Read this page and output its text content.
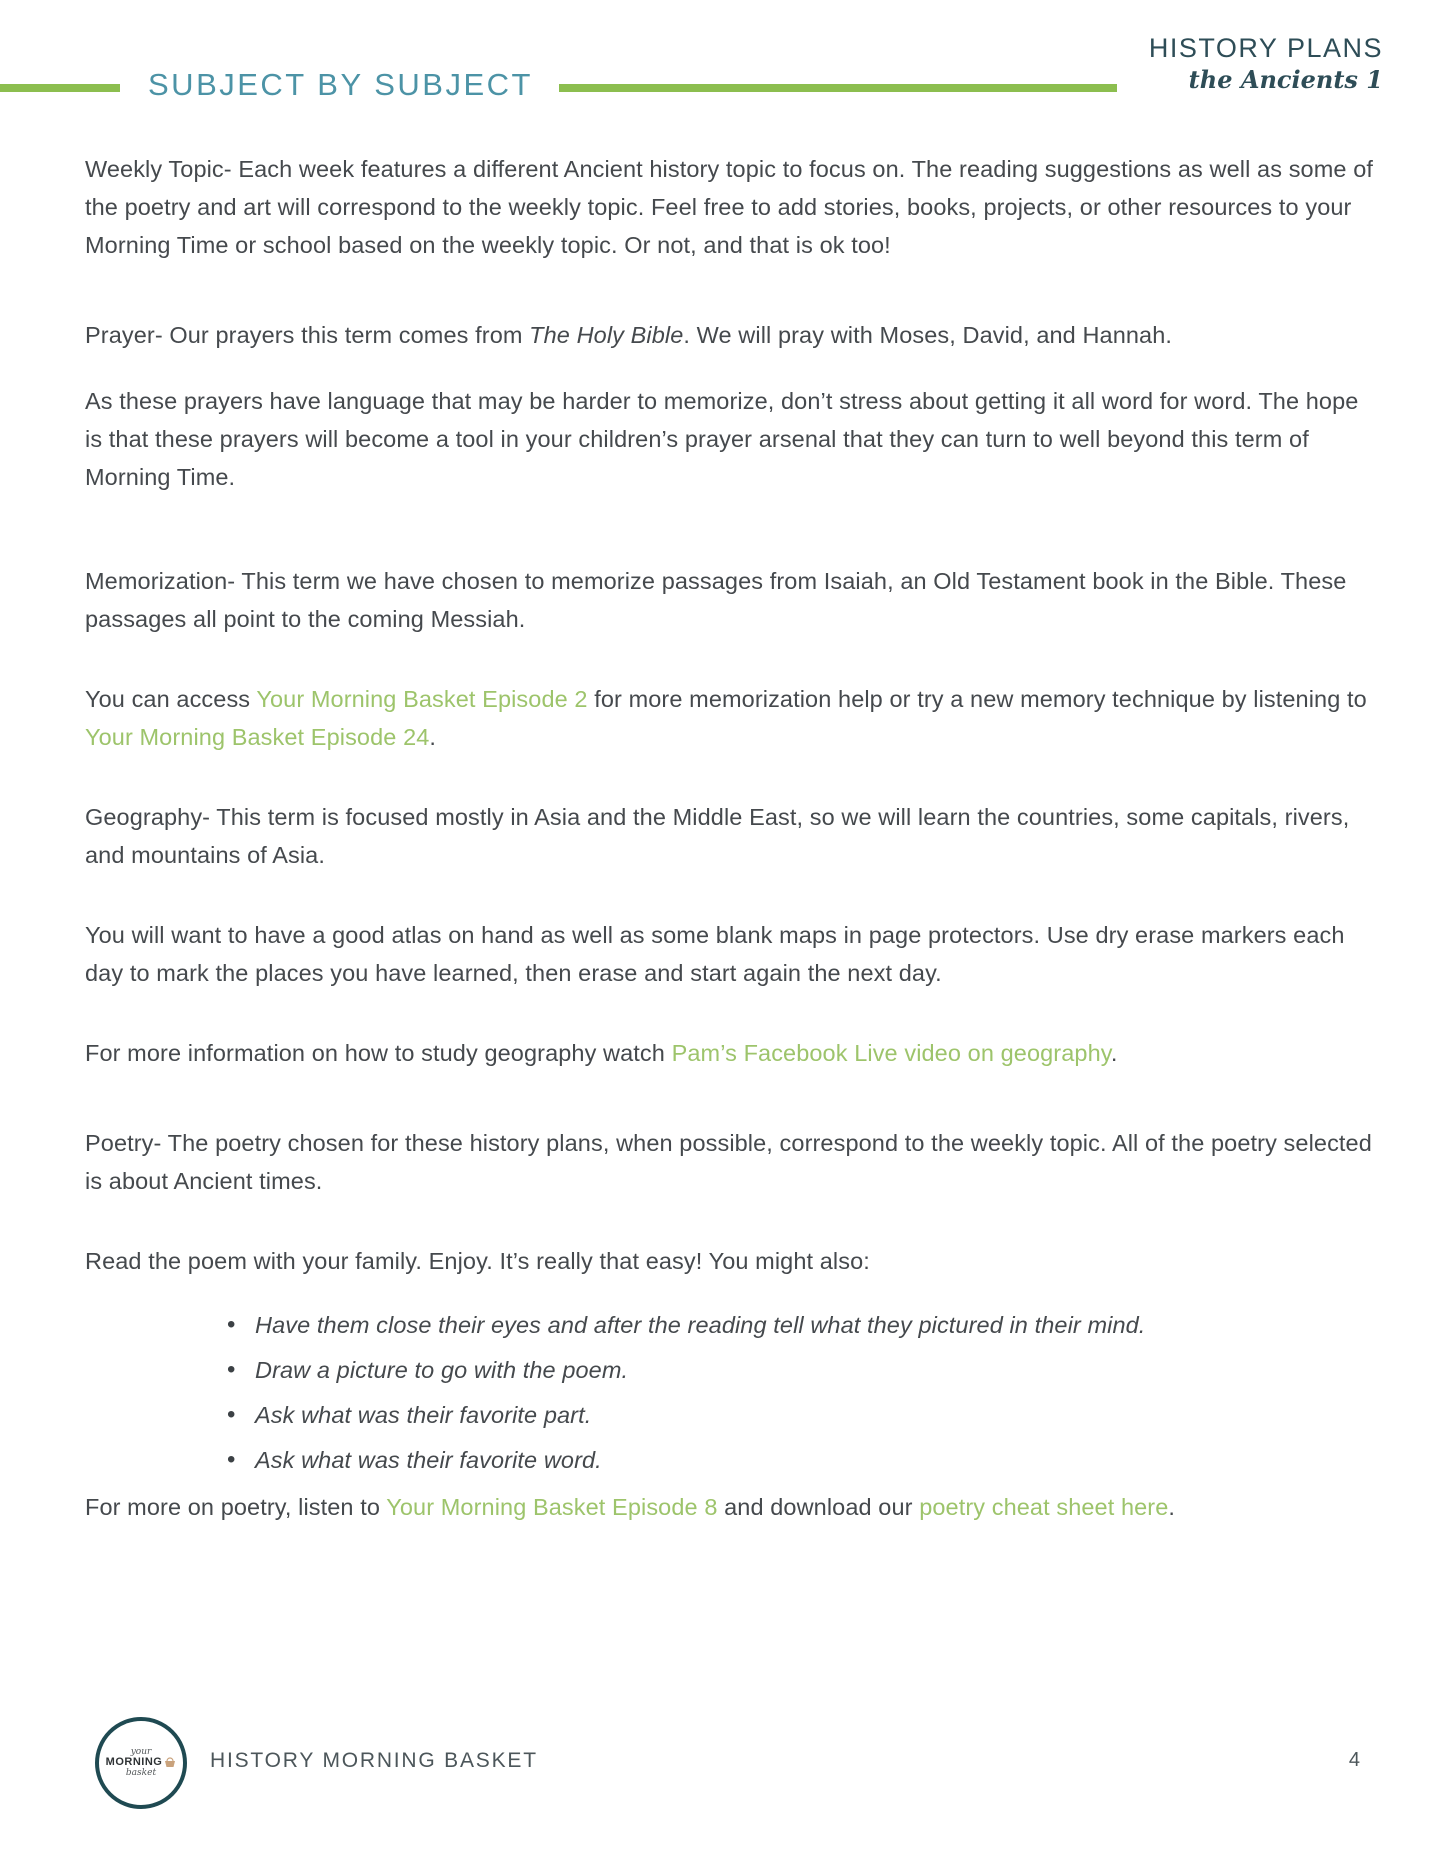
SUBJECT BY SUBJECT
HISTORY PLANS
the Ancients 1

Weekly Topic- Each week features a different Ancient history topic to focus on. The reading suggestions as well as some of the poetry and art will correspond to the weekly topic. Feel free to add stories, books, projects, or other resources to your Morning Time or school based on the weekly topic. Or not, and that is ok too!

Prayer- Our prayers this term comes from The Holy Bible. We will pray with Moses, David, and Hannah.

As these prayers have language that may be harder to memorize, don’t stress about getting it all word for word. The hope is that these prayers will become a tool in your children’s prayer arsenal that they can turn to well beyond this term of Morning Time.

Memorization- This term we have chosen to memorize passages from Isaiah, an Old Testament book in the Bible. These passages all point to the coming Messiah.

You can access Your Morning Basket Episode 2 for more memorization help or try a new memory technique by listening to Your Morning Basket Episode 24.

Geography- This term is focused mostly in Asia and the Middle East, so we will learn the countries, some capitals, rivers, and mountains of Asia.

You will want to have a good atlas on hand as well as some blank maps in page protectors. Use dry erase markers each day to mark the places you have learned, then erase and start again the next day.

For more information on how to study geography watch Pam’s Facebook Live video on geography.

Poetry- The poetry chosen for these history plans, when possible, correspond to the weekly topic. All of the poetry selected is about Ancient times.

Read the poem with your family. Enjoy. It’s really that easy! You might also:

• Have them close their eyes and after the reading tell what they pictured in their mind.
• Draw a picture to go with the poem.
• Ask what was their favorite part.
• Ask what was their favorite word.

For more on poetry, listen to Your Morning Basket Episode 8 and download our poetry cheat sheet here.

your
MORNING
basket
HISTORY MORNING BASKET	4
